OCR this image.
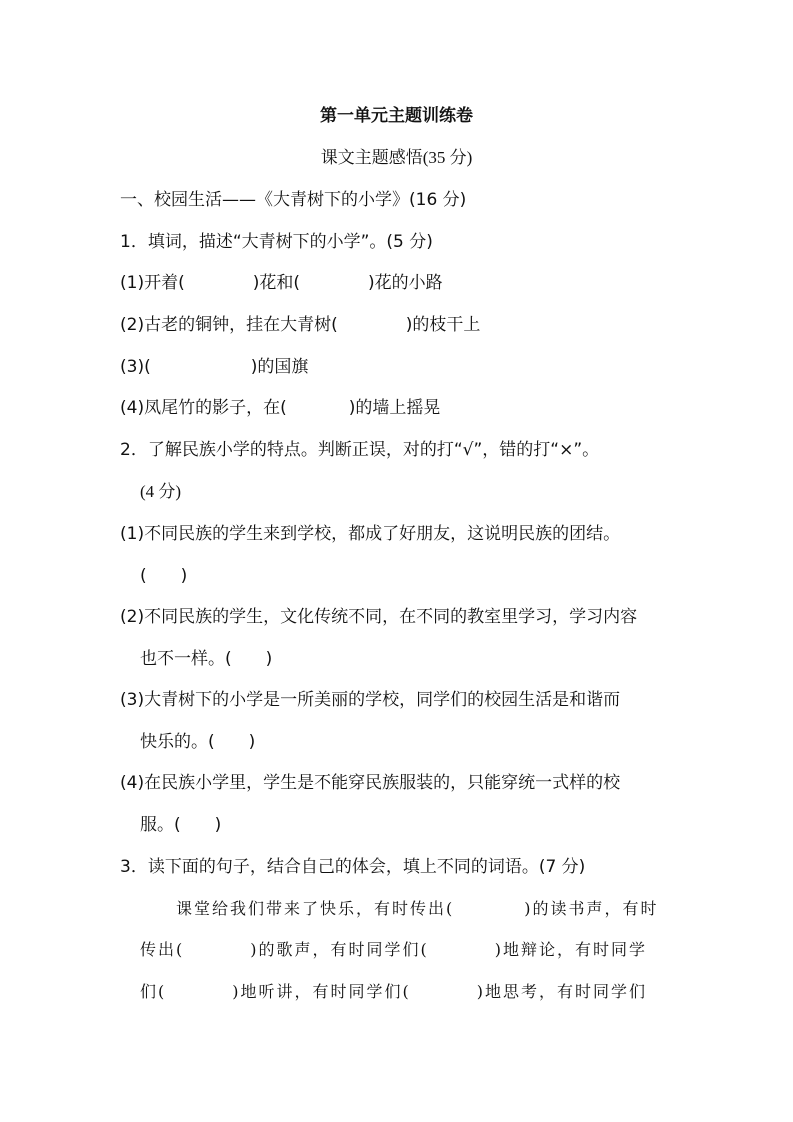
第一单元主题训练卷
课文主题感悟(35 分)
一、校园生活——《大青树下的小学》(16 分)
1．填词，描述“大青树下的小学”。(5 分)
(1)开着(	)花和(	)花的小路
(2)古老的铜钟，挂在大青树(	)的枝干上
(3)(	)的国旗
(4)凤尾竹的影子，在(	)的墙上摇晃
2．了解民族小学的特点。判断正误，对的打“√”，错的打“×”。
(4 分)
(1)不同民族的学生来到学校，都成了好朋友，这说明民族的团结。
(　　)
(2)不同民族的学生，文化传统不同，在不同的教室里学习，学习内容
也不一样。(　　)
(3)大青树下的小学是一所美丽的学校，同学们的校园生活是和谐而
快乐的。(　　)
(4)在民族小学里，学生是不能穿民族服装的，只能穿统一式样的校
服。(　　)
3．读下面的句子，结合自己的体会，填上不同的词语。(7 分)
课堂给我们带来了快乐，有时传出(	)的读书声，有时
传出(	)的歌声，有时同学们(	)地辩论，有时同学
们(	)地听讲，有时同学们(	)地思考，有时同学们
